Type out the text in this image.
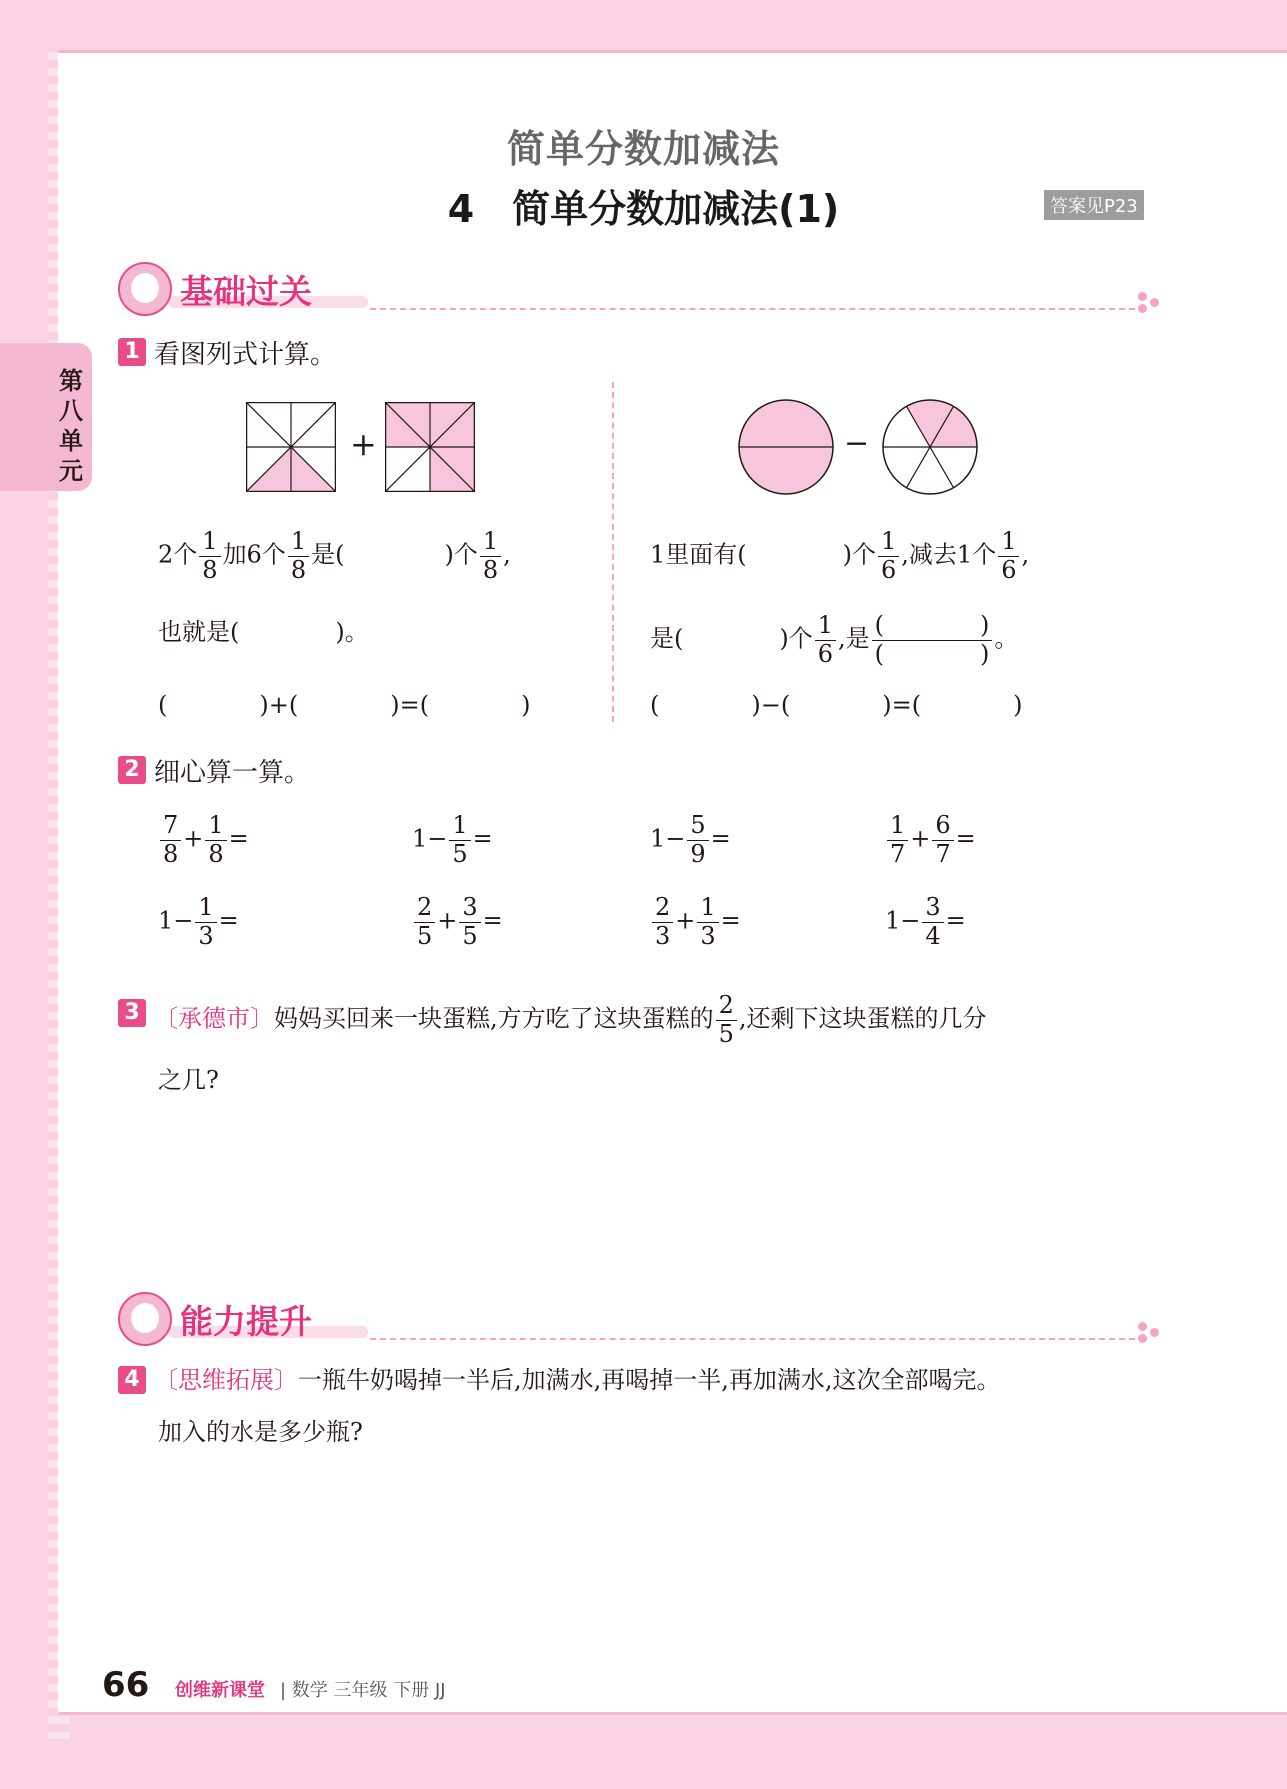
简单分数加减法
4　简单分数加减法(1)	答案见P23
第
八
单
元
基础过关
1 看图列式计算。
+	−
2个 $\frac{1}{8}$ 加6个 $\frac{1}{8}$ 是(	)个 $\frac{1}{8}$ ,
也就是(　　　　)。
(	)+(	)=(	)
1里面有(	)个 $\frac{1}{6}$ ,减去1个 $\frac{1}{6}$ ,
是(	)个 $\frac{1}{6}$ ,是 $\frac{( )}{( )}$ 。
(	)−(	)=(	)
2 细心算一算。
$\frac{7}{8} + \frac{1}{8}$ =	$1- \frac{1}{5}$ =	$1- \frac{5}{9}$ =	$\frac{1}{7} + \frac{6}{7}$ =
$1- \frac{1}{3}$ =	$\frac{2}{5} + \frac{3}{5}$ =	$\frac{2}{3} + \frac{1}{3}$ =	$1- \frac{3}{4}$ =
3 〔承德市〕妈妈买回来一块蛋糕,方方吃了这块蛋糕的 $\frac{2}{5}$ ,还剩下这块蛋糕的几分
之几?
能力提升
4 〔思维拓展〕一瓶牛奶喝掉一半后,加满水,再喝掉一半,再加满水,这次全部喝完。
加入的水是多少瓶?
66 创维新课堂 | 数学 三年级 下册 JJ
